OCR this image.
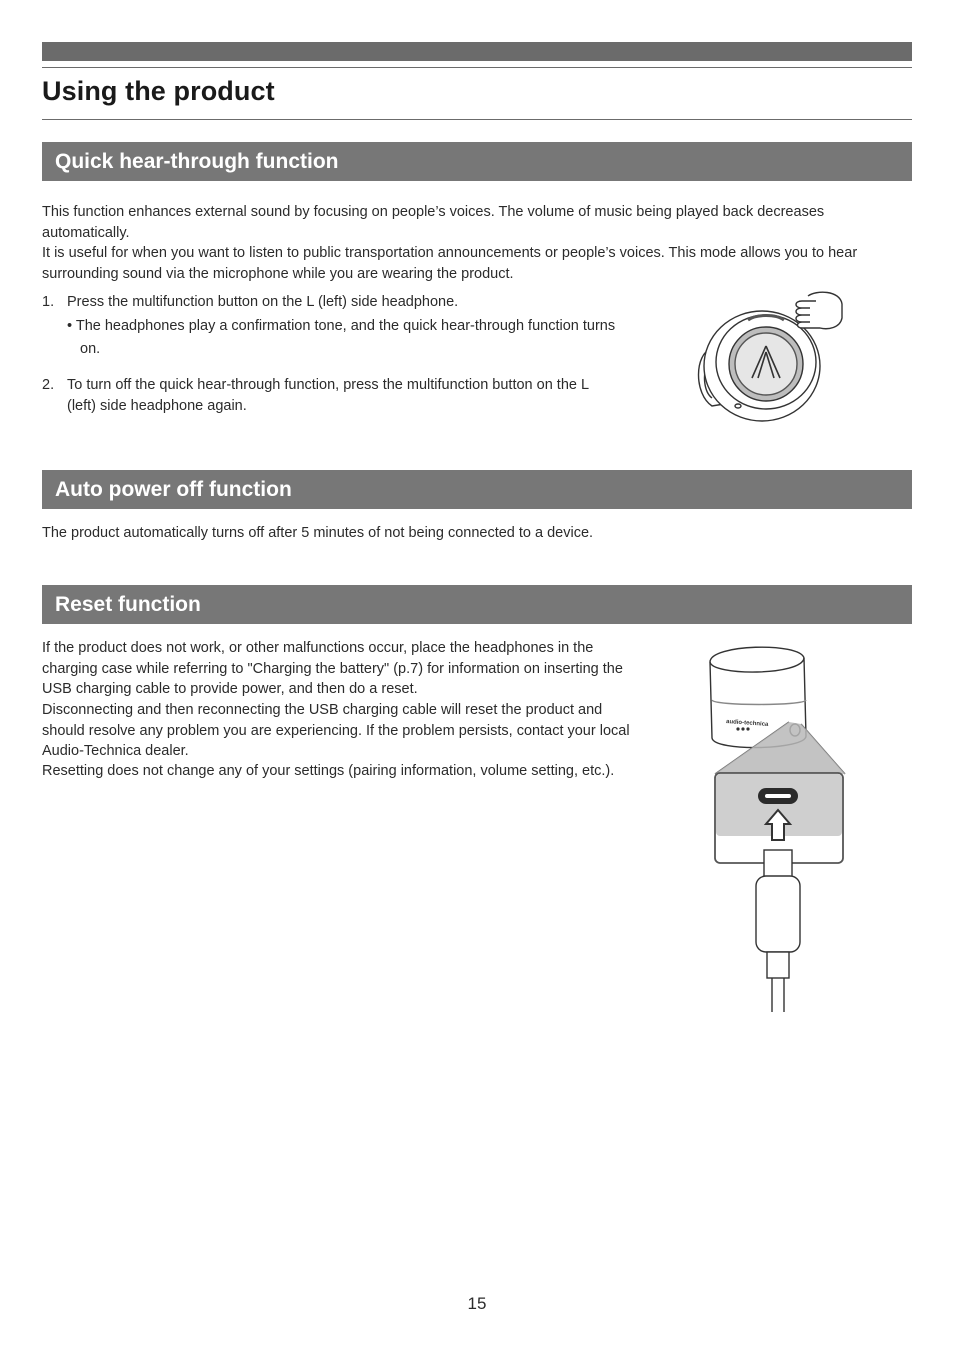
Using the product
Quick hear-through function

This function enhances external sound by focusing on people’s voices. The volume of music being played back decreases automatically.

It is useful for when you want to listen to public transportation announcements or people’s voices. This mode allows you to hear surrounding sound via the microphone while you are wearing the product.

1. Press the multifunction button on the L (left) side headphone.

• The headphones play a confirmation tone, and the quick hear-through function turns on.

2. To turn off the quick hear-through function, press the multifunction button on the L (left) side headphone again.

Auto power off function

The product automatically turns off after 5 minutes of not being connected to a device.

Reset function

If the product does not work, or other malfunctions occur, place the headphones in the charging case while referring to "Charging the battery" (p.7) for information on inserting the USB charging cable to provide power, and then do a reset.

Disconnecting and then reconnecting the USB charging cable will reset the product and should resolve any problem you are experiencing. If the problem persists, contact your local Audio-Technica dealer.

Resetting does not change any of your settings (pairing information, volume setting, etc.).

audio-technica
15
